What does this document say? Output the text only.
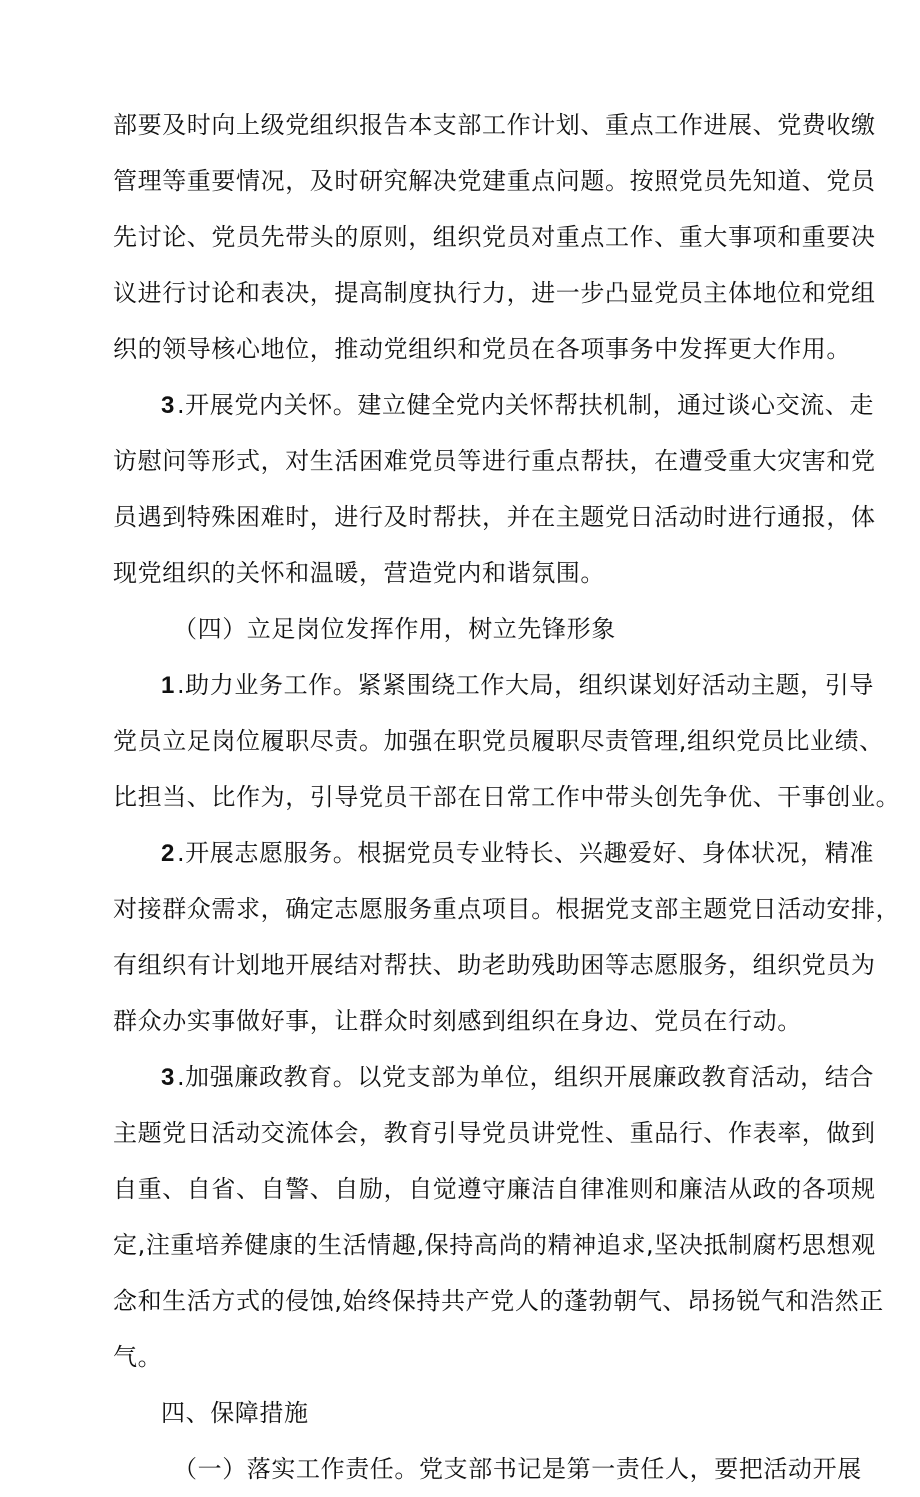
部要及时向上级党组织报告本支部工作计划、重点工作进展、党费收缴
管理等重要情况，及时研究解决党建重点问题。按照党员先知道、党员
先讨论、党员先带头的原则，组织党员对重点工作、重大事项和重要决
议进行讨论和表决，提高制度执行力，进一步凸显党员主体地位和党组
织的领导核心地位，推动党组织和党员在各项事务中发挥更大作用。
3.开展党内关怀。建立健全党内关怀帮扶机制，通过谈心交流、走
访慰问等形式，对生活困难党员等进行重点帮扶，在遭受重大灾害和党
员遇到特殊困难时，进行及时帮扶，并在主题党日活动时进行通报，体
现党组织的关怀和温暖，营造党内和谐氛围。
（四）立足岗位发挥作用，树立先锋形象
1.助力业务工作。紧紧围绕工作大局，组织谋划好活动主题，引导
党员立足岗位履职尽责。加强在职党员履职尽责管理,组织党员比业绩、
比担当、比作为，引导党员干部在日常工作中带头创先争优、干事创业。
2.开展志愿服务。根据党员专业特长、兴趣爱好、身体状况，精准
对接群众需求，确定志愿服务重点项目。根据党支部主题党日活动安排，
有组织有计划地开展结对帮扶、助老助残助困等志愿服务，组织党员为
群众办实事做好事，让群众时刻感到组织在身边、党员在行动。
3.加强廉政教育。以党支部为单位，组织开展廉政教育活动，结合
主题党日活动交流体会，教育引导党员讲党性、重品行、作表率，做到
自重、自省、自警、自励，自觉遵守廉洁自律准则和廉洁从政的各项规
定,注重培养健康的生活情趣,保持高尚的精神追求,坚决抵制腐朽思想观
念和生活方式的侵蚀,始终保持共产党人的蓬勃朝气、昂扬锐气和浩然正
气。
四、保障措施
（一）落实工作责任。党支部书记是第一责任人，要把活动开展
